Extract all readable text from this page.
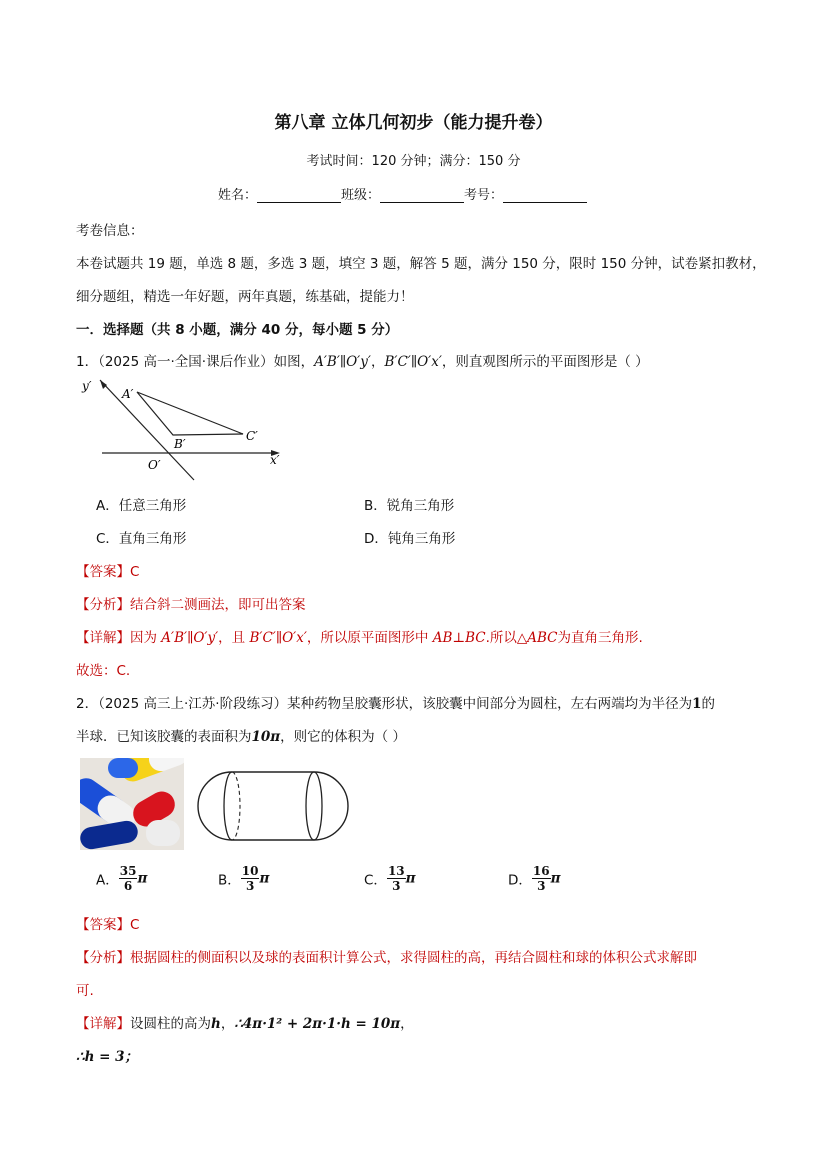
第八章 立体几何初步（能力提升卷）
考试时间：120 分钟；满分：150 分
姓名：	班级：	考号：
考卷信息：
本卷试题共 19 题，单选 8 题，多选 3 题，填空 3 题，解答 5 题，满分 150 分，限时 150 分钟，试卷紧扣教材，
细分题组，精选一年好题，两年真题，练基础，提能力！
一．选择题（共 8 小题，满分 40 分，每小题 5 分）
1．（2025 高一·全国·课后作业）如图，A′B′∥O′y′，B′C′∥O′x′，则直观图所示的平面图形是（ ）
y′
A′
B′
C′
O′	x′
A．任意三角形	B．锐角三角形
C．直角三角形	D．钝角三角形
【答案】C
【分析】结合斜二测画法，即可出答案
【详解】因为 A′B′∥O′y′，且 B′C′∥O′x′，所以原平面图形中 AB⊥BC.所以△ABC为直角三角形.
故选：C.
2．（2025 高三上·江苏·阶段练习）某种药物呈胶囊形状，该胶囊中间部分为圆柱，左右两端均为半径为1的
半球．已知该胶囊的表面积为10π，则它的体积为（ ）
A． $\frac{35}{6}$ π	B． $\frac{10}{3}$ π	C． $\frac{13}{3}$ π	D． $\frac{16}{3}$ π
【答案】C
【分析】根据圆柱的侧面积以及球的表面积计算公式，求得圆柱的高，再结合圆柱和球的体积公式求解即
可.
【详解】设圆柱的高为h，∴4π·1² + 2π·1·h = 10π，
∴h = 3；
